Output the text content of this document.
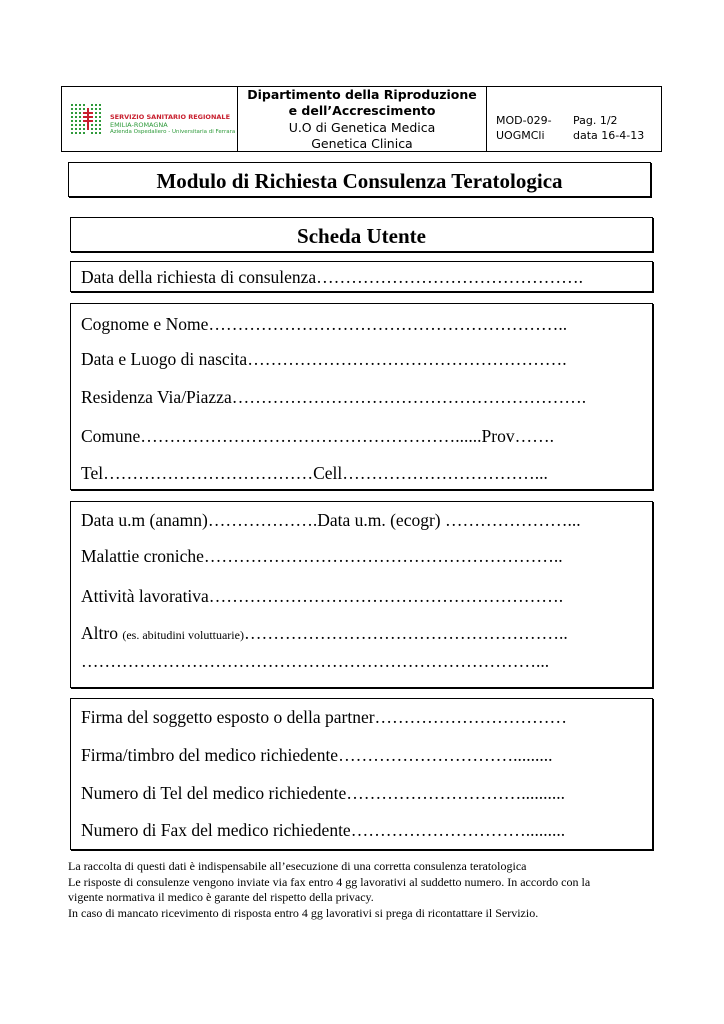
SERVIZIO SANITARIO REGIONALE
EMILIA-ROMAGNA
Azienda Ospedaliero - Universitaria di Ferrara
Dipartimento della Riproduzione
e dell’Accrescimento
U.O di Genetica Medica
Genetica Clinica
MOD-029-
UOGMCli
Pag. 1/2
data 16-4-13
Modulo di Richiesta Consulenza Teratologica
Scheda Utente
Data della richiesta di consulenza……………………………………….
Cognome e Nome……………………………………………………..
Data e Luogo di nascita……………………………………………….
Residenza Via/Piazza…………………………………………………….
Comune………………………………………………......Prov…….
Tel………………………………Cell……………………………...
Data u.m (anamn)……………….Data u.m. (ecogr) …………………...
Malattie croniche……………………………………………………..
Attività lavorativa…………………………………………………….
Altro (es. abitudini voluttuarie)………………………………………………..
……………………………………………………………………...
Firma del soggetto esposto o della partner……………………………
Firma/timbro del medico richiedente………………………….........
Numero di Tel del medico richiedente…………………………..........
Numero di Fax del medico richiedente………………………….........
La raccolta di questi dati è indispensabile all’esecuzione di una corretta consulenza teratologica
Le risposte di consulenze vengono inviate via fax entro 4 gg lavorativi al suddetto numero. In accordo con la
vigente normativa il medico è garante del rispetto della privacy.
In caso di mancato ricevimento di risposta entro 4 gg lavorativi si prega di ricontattare il Servizio.
